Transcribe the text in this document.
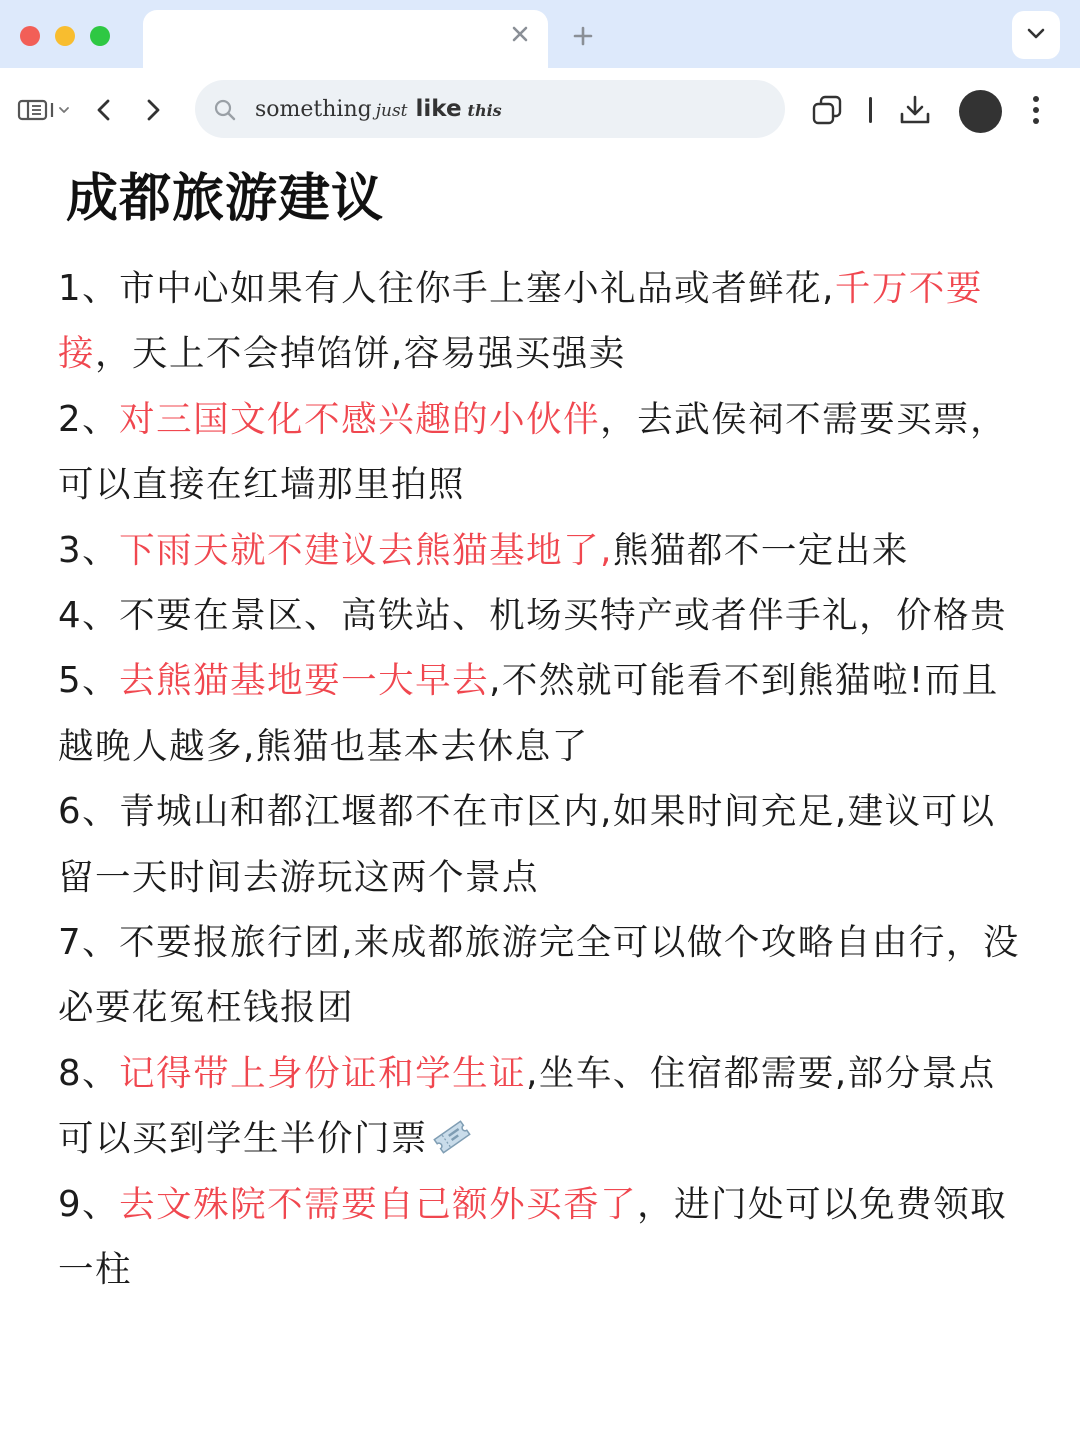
something just like this
成都旅游建议

1、市中心如果有人往你手上塞小礼品或者鲜花,千万不要接，天上不会掉馅饼,容易强买强卖

2、对三国文化不感兴趣的小伙伴，去武侯祠不需要买票，可以直接在红墙那里拍照

3、下雨天就不建议去熊猫基地了,熊猫都不一定出来

4、不要在景区、高铁站、机场买特产或者伴手礼，价格贵

5、去熊猫基地要一大早去,不然就可能看不到熊猫啦!而且越晚人越多,熊猫也基本去休息了

6、青城山和都江堰都不在市区内,如果时间充足,建议可以留一天时间去游玩这两个景点

7、不要报旅行团,来成都旅游完全可以做个攻略自由行，没必要花冤枉钱报团

8、记得带上身份证和学生证,坐车、住宿都需要,部分景点可以买到学生半价门票

9、去文殊院不需要自己额外买香了，进门处可以免费领取一柱
